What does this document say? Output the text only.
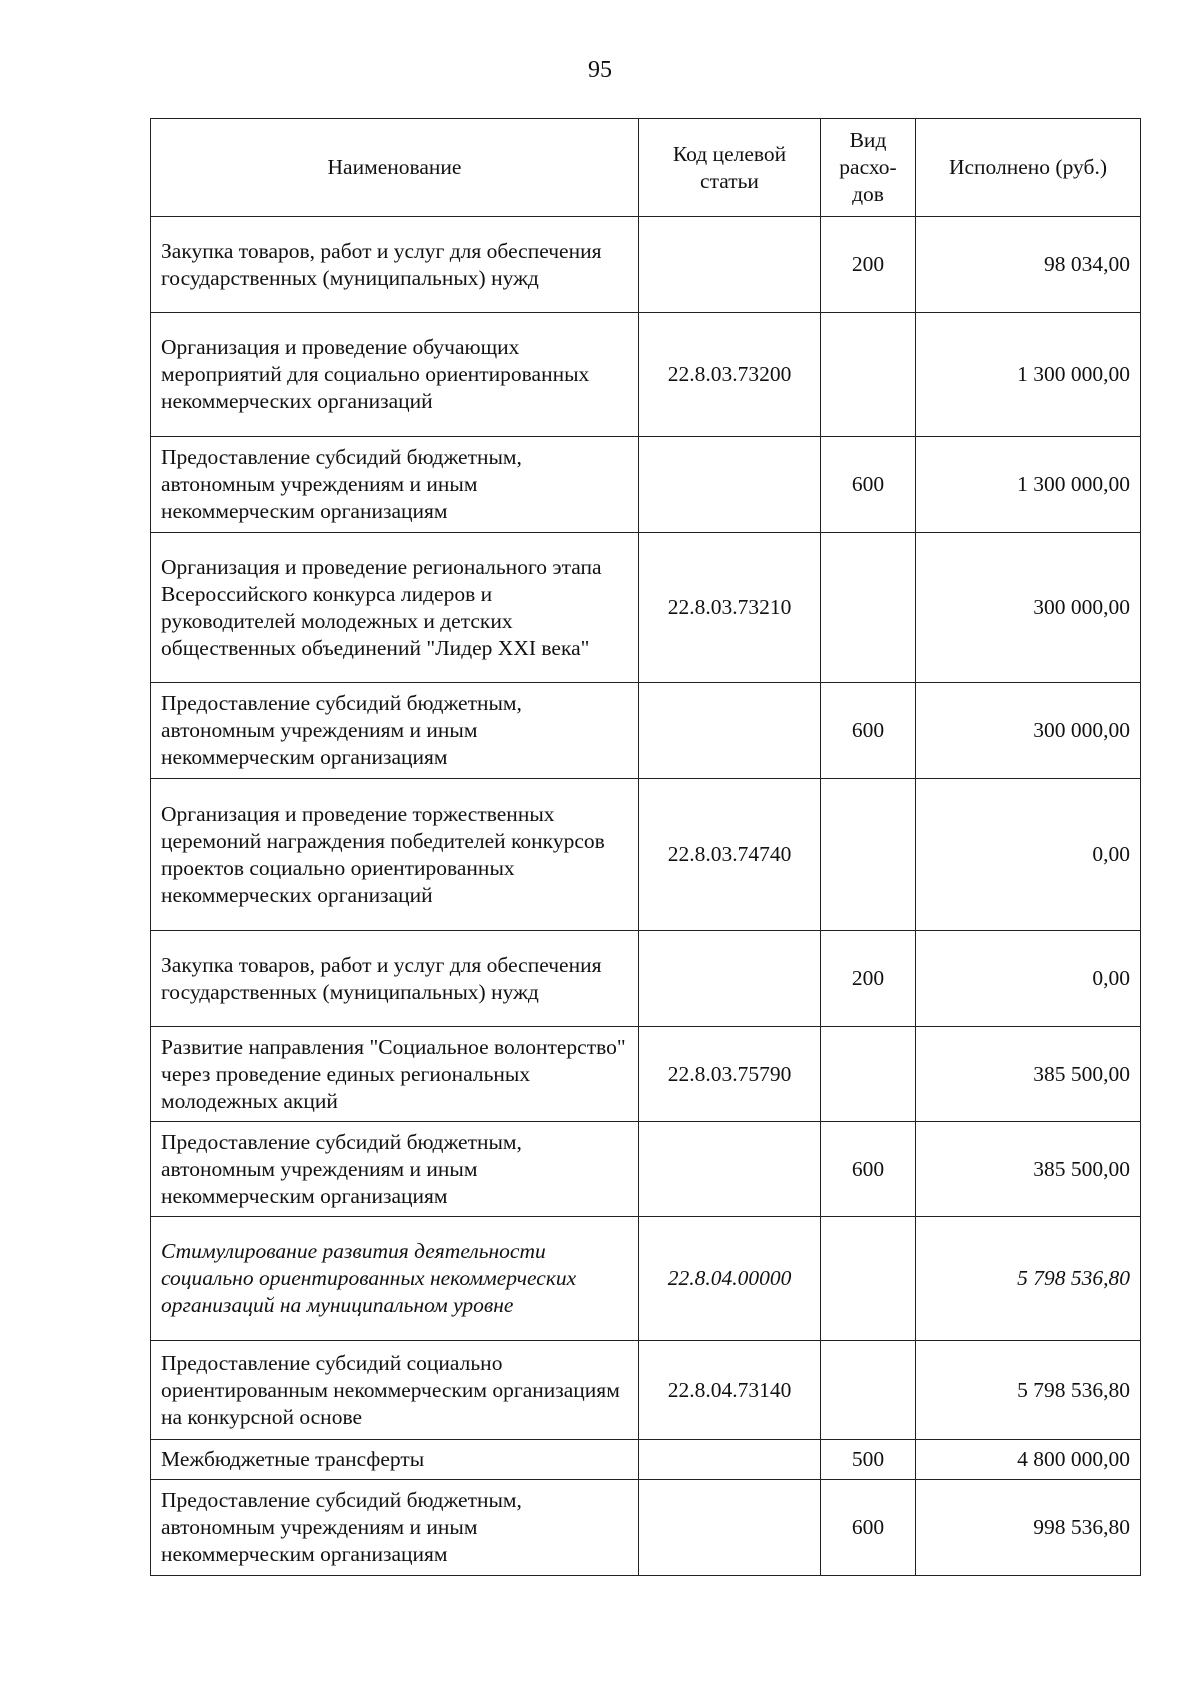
95
Наименование	Код целевой статьи	Вид расхо-дов	Исполнено (руб.)
Закупка товаров, работ и услуг для обеспечения государственных (муниципальных) нужд		200	98 034,00
Организация и проведение обучающих мероприятий для социально ориентированных некоммерческих организаций	22.8.03.73200		1 300 000,00
Предоставление субсидий бюджетным, автономным учреждениям и иным некоммерческим организациям		600	1 300 000,00
Организация и проведение регионального этапа Всероссийского конкурса лидеров и руководителей молодежных и детских общественных объединений "Лидер XXI века"	22.8.03.73210		300 000,00
Предоставление субсидий бюджетным, автономным учреждениям и иным некоммерческим организациям		600	300 000,00
Организация и проведение торжественных церемоний награждения победителей конкурсов проектов социально ориентированных некоммерческих организаций	22.8.03.74740		0,00
Закупка товаров, работ и услуг для обеспечения государственных (муниципальных) нужд		200	0,00
Развитие направления "Социальное волонтерство" через проведение единых региональных молодежных акций	22.8.03.75790		385 500,00
Предоставление субсидий бюджетным, автономным учреждениям и иным некоммерческим организациям		600	385 500,00
Стимулирование развития деятельности социально ориентированных некоммерческих организаций на муниципальном уровне	22.8.04.00000		5 798 536,80
Предоставление субсидий социально ориентированным некоммерческим организациям на конкурсной основе	22.8.04.73140		5 798 536,80
Межбюджетные трансферты		500	4 800 000,00
Предоставление субсидий бюджетным, автономным учреждениям и иным некоммерческим организациям		600	998 536,80
